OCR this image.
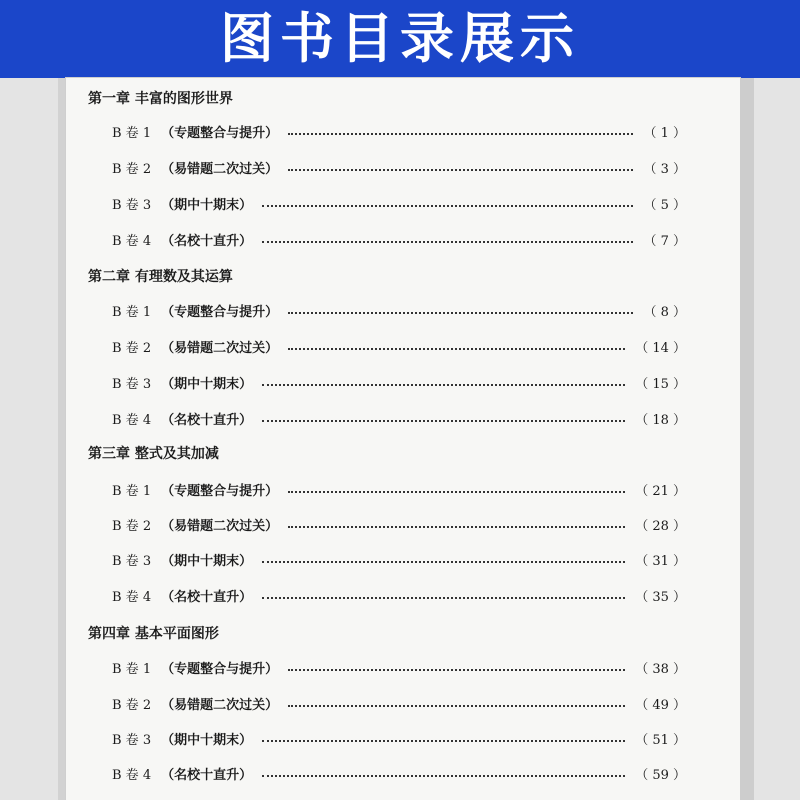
图书目录展示
第一章 丰富的图形世界
B 卷 1 （专题整合与提升）	（ 1 ）
B 卷 2 （易错题二次过关）	（ 3 ）
B 卷 3 （期中十期末）	（ 5 ）
B 卷 4 （名校十直升）	（ 7 ）
第二章 有理数及其运算
B 卷 1 （专题整合与提升）	（ 8 ）
B 卷 2 （易错题二次过关）	（ 14 ）
B 卷 3 （期中十期末）	（ 15 ）
B 卷 4 （名校十直升）	（ 18 ）
第三章 整式及其加减
B 卷 1 （专题整合与提升）	（ 21 ）
B 卷 2 （易错题二次过关）	（ 28 ）
B 卷 3 （期中十期末）	（ 31 ）
B 卷 4 （名校十直升）	（ 35 ）
第四章 基本平面图形
B 卷 1 （专题整合与提升）	（ 38 ）
B 卷 2 （易错题二次过关）	（ 49 ）
B 卷 3 （期中十期末）	（ 51 ）
B 卷 4 （名校十直升）	（ 59 ）
